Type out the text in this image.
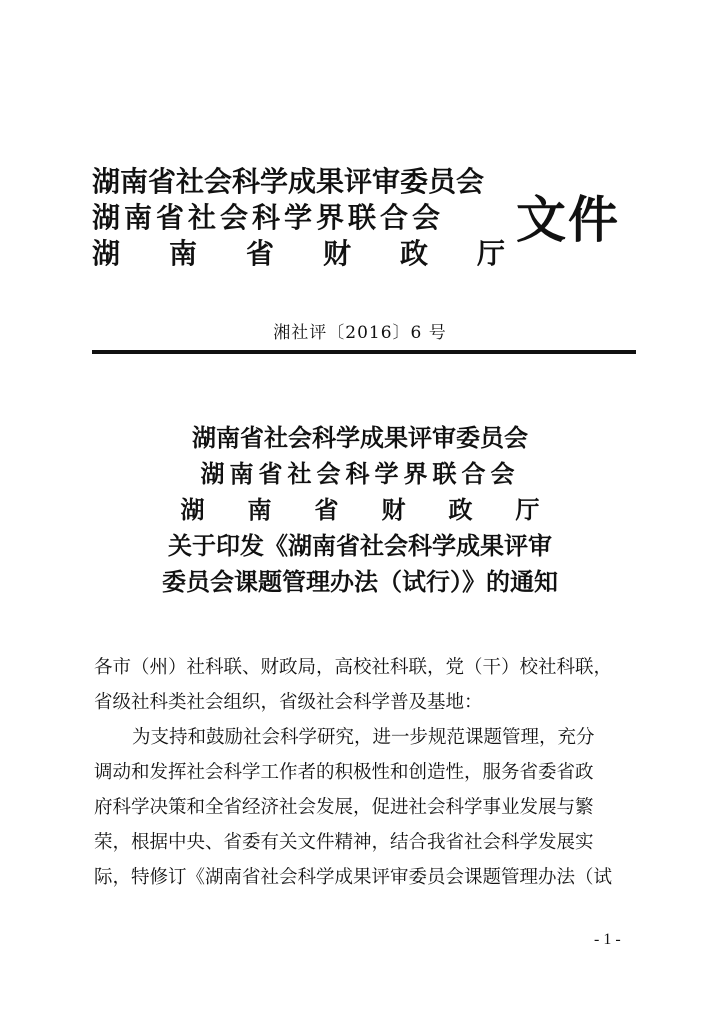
湖南省社会科学成果评审委员会
湖南省社会科学界联合会
湖南省财政厅
文件
湘社评〔2016〕6 号
湖南省社会科学成果评审委员会
湖南省社会科学界联合会
湖南省财政厅
关于印发《湖南省社会科学成果评审
委员会课题管理办法（试行）》的通知
各市（州）社科联、财政局，高校社科联，党（干）校社科联，
省级社科类社会组织，省级社会科学普及基地：
为支持和鼓励社会科学研究，进一步规范课题管理，充分
调动和发挥社会科学工作者的积极性和创造性，服务省委省政
府科学决策和全省经济社会发展，促进社会科学事业发展与繁
荣，根据中央、省委有关文件精神，结合我省社会科学发展实
际，特修订《湖南省社会科学成果评审委员会课题管理办法（试
- 1 -
